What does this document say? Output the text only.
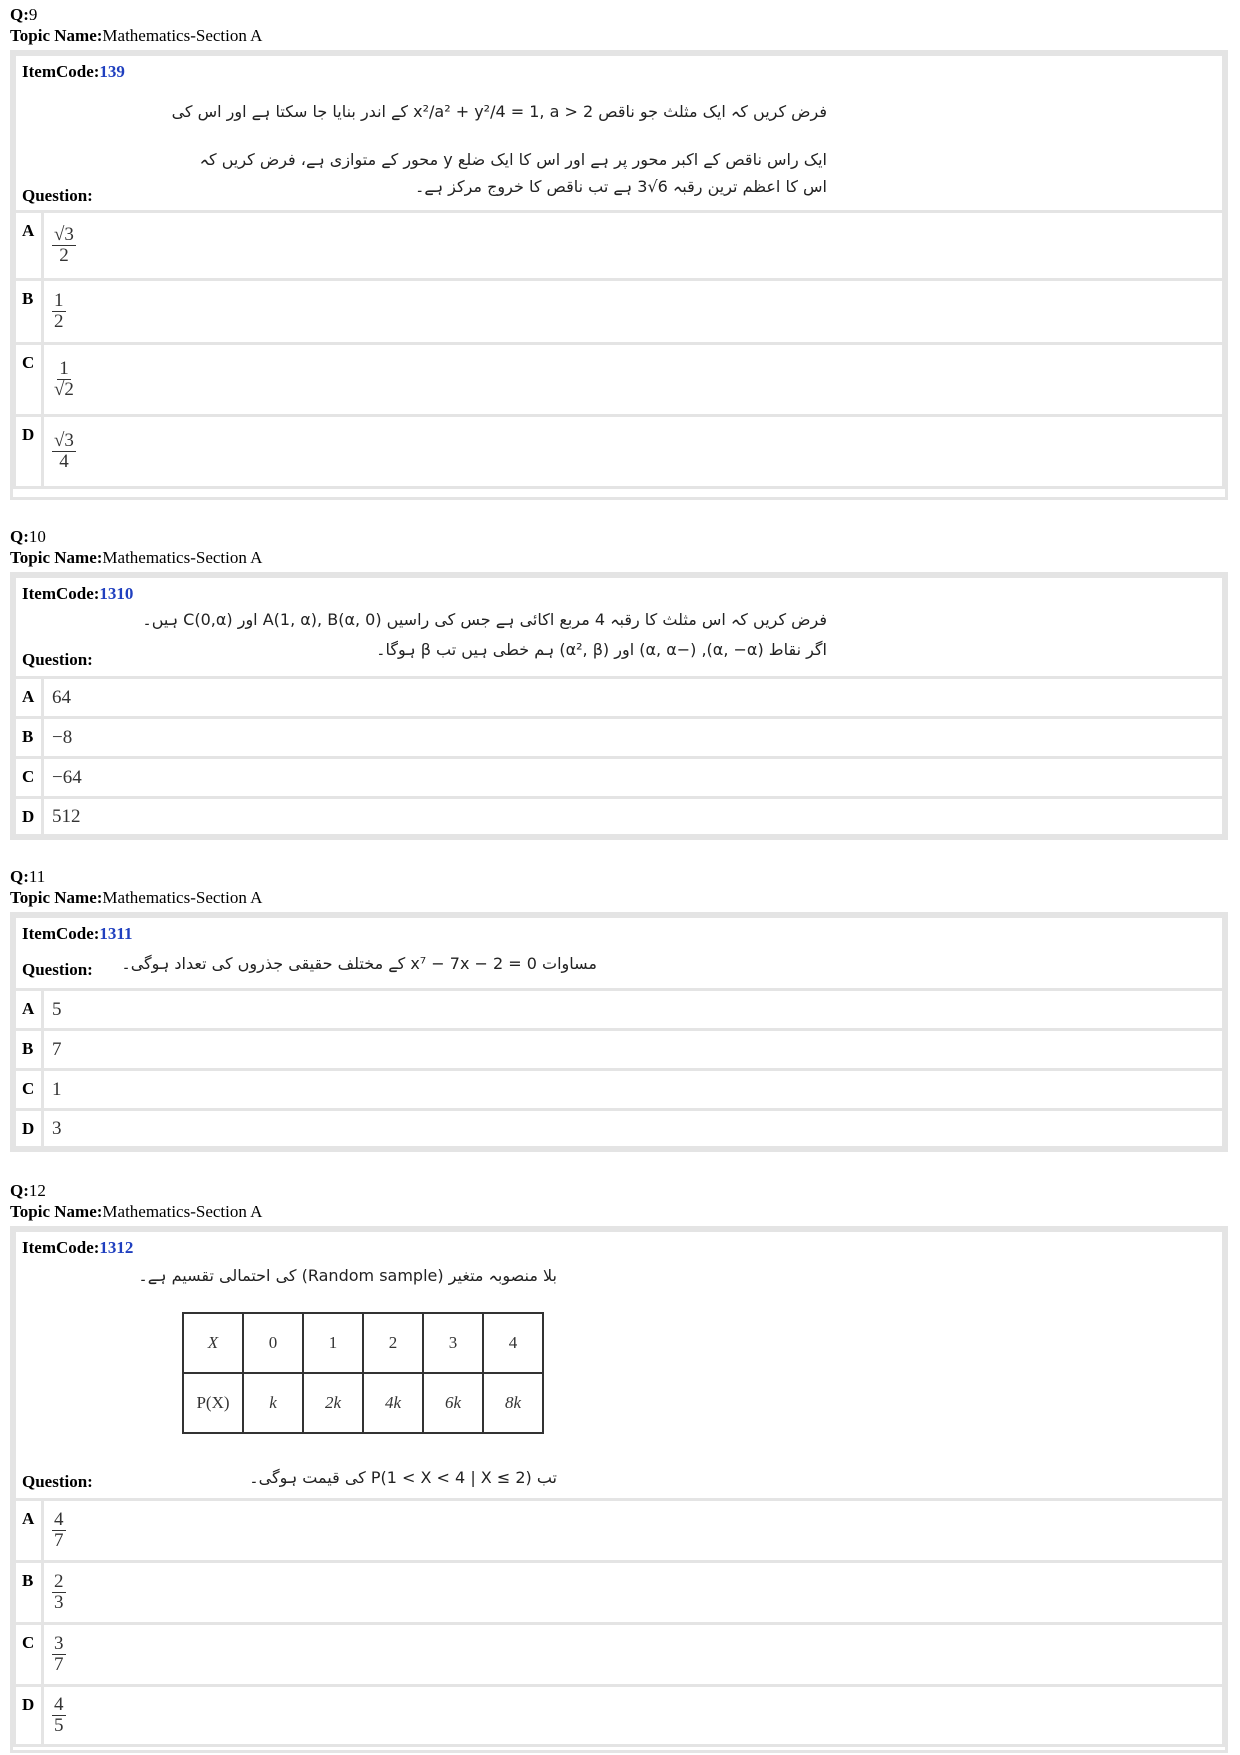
Q:9
Topic Name:Mathematics-Section A
ItemCode:139
فرض کریں کہ ایک مثلث جو ناقص x²/a² + y²/4 = 1, a > 2 کے اندر بنایا جا سکتا ہے اور اس کی
ایک راس ناقص کے اکبر محور پر ہے اور اس کا ایک ضلع y محور کے متوازی ہے، فرض کریں کہ
اس کا اعظم ترین رقبہ 6√3 ہے تب ناقص کا خروج مرکز ہے۔
Question:
A $\frac{√3}{2}$
B $\frac{1}{2}$
C $\frac{1}{√2}$
D $\frac{√3}{4}$
Q:10
Topic Name:Mathematics-Section A
ItemCode:1310
فرض کریں کہ اس مثلث کا رقبہ 4 مربع اکائی ہے جس کی راسیں A(1, α), B(α, 0) اور C(0,α) ہیں۔
اگر نقاط (α, −α), (−α, α) اور (α², β) ہم خطی ہیں تب β ہوگا۔
Question:
A 64
B −8
C −64
D 512
Q:11
Topic Name:Mathematics-Section A
ItemCode:1311
مساوات x⁷ − 7x − 2 = 0 کے مختلف حقیقی جذروں کی تعداد ہوگی۔
Question:
A 5
B 7
C 1
D 3
Q:12
Topic Name:Mathematics-Section A
ItemCode:1312
بلا منصوبہ متغیر (Random sample) کی احتمالی تقسیم ہے۔
X	0	1	2	3	4
P(X)	k	2k	4k	6k	8k
تب P(1 < X < 4 | X ≤ 2) کی قیمت ہوگی۔
Question:
A $\frac{4}{7}$
B $\frac{2}{3}$
C $\frac{3}{7}$
D $\frac{4}{5}$
